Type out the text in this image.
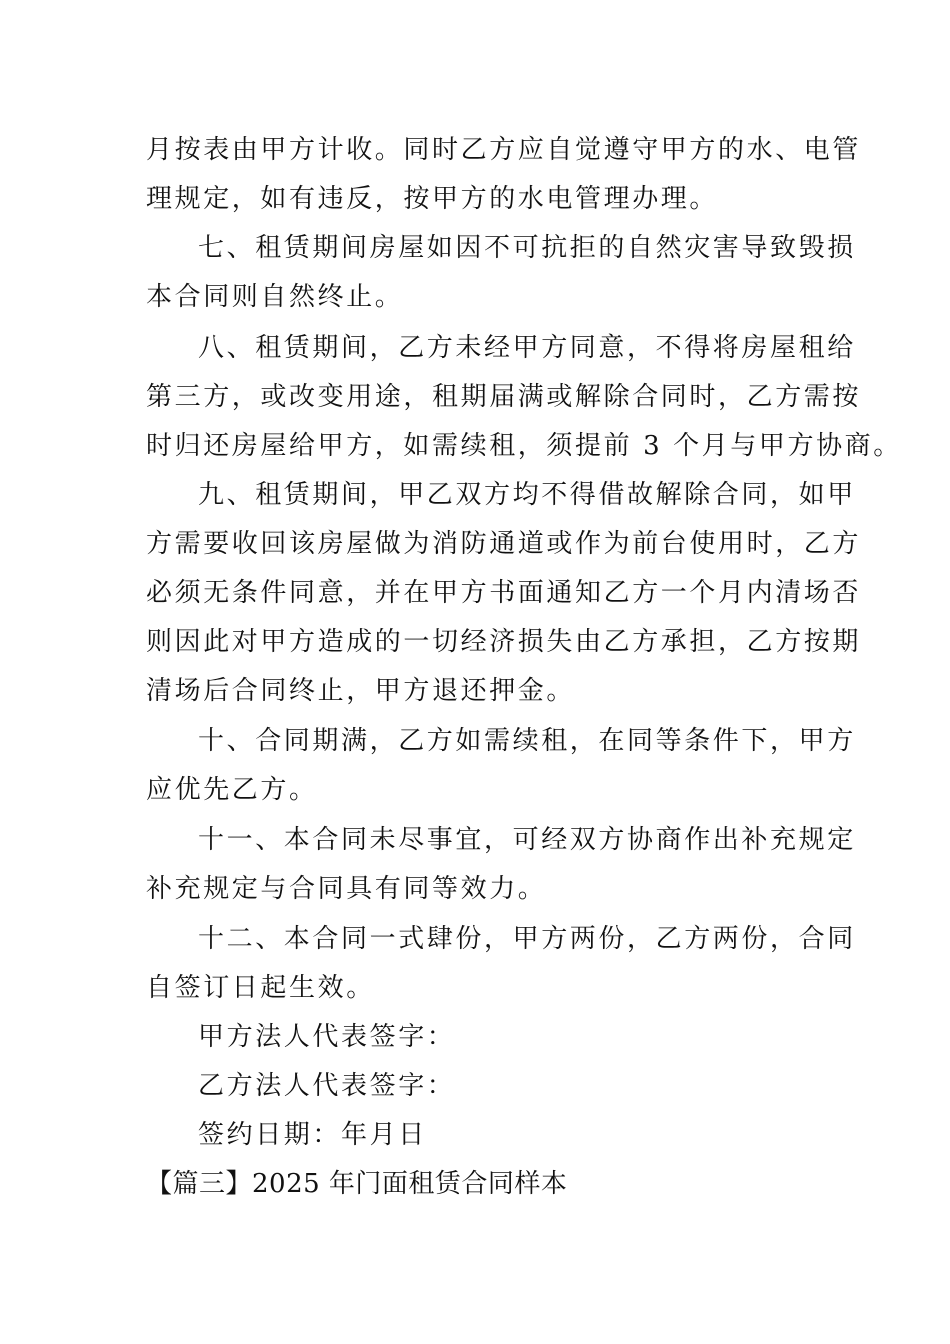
月按表由甲方计收。同时乙方应自觉遵守甲方的水、电管
理规定，如有违反，按甲方的水电管理办理。
七、租赁期间房屋如因不可抗拒的自然灾害导致毁损
本合同则自然终止。
八、租赁期间，乙方未经甲方同意，不得将房屋租给
第三方，或改变用途，租期届满或解除合同时，乙方需按
时归还房屋给甲方，如需续租，须提前 3 个月与甲方协商。
九、租赁期间，甲乙双方均不得借故解除合同，如甲
方需要收回该房屋做为消防通道或作为前台使用时，乙方
必须无条件同意，并在甲方书面通知乙方一个月内清场否
则因此对甲方造成的一切经济损失由乙方承担，乙方按期
清场后合同终止，甲方退还押金。
十、合同期满，乙方如需续租，在同等条件下，甲方
应优先乙方。
十一、本合同未尽事宜，可经双方协商作出补充规定
补充规定与合同具有同等效力。
十二、本合同一式肆份，甲方两份，乙方两份，合同
自签订日起生效。
甲方法人代表签字：
乙方法人代表签字：
签约日期：年月日
【篇三】2025 年门面租赁合同样本
